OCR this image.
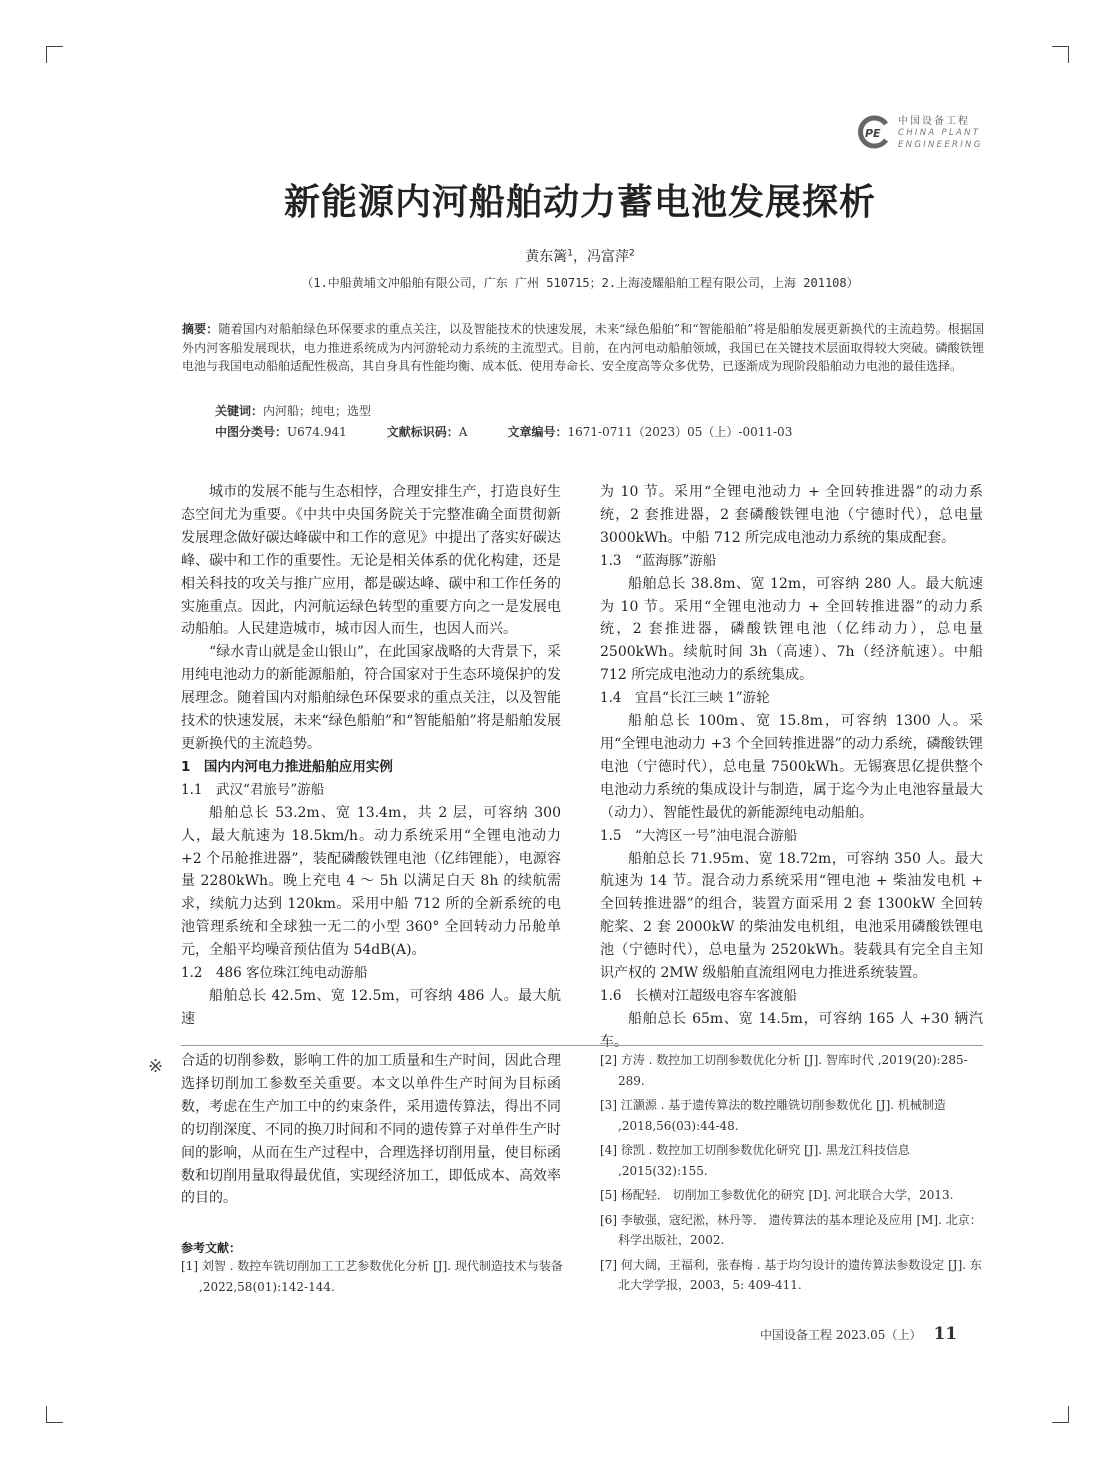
PE
中国设备工程
CHINA PLANT
ENGINEERING
新能源内河船舶动力蓄电池发展探析
黄东篱$^1$，冯富萍$^2$
（1.中船黄埔文冲船舶有限公司，广东 广州 510715；2.上海凌耀船舶工程有限公司，上海 201108）
摘要：随着国内对船舶绿色环保要求的重点关注，以及智能技术的快速发展，未来“绿色船舶”和“智能船舶”将是船舶发展更新换代的主流趋势。根据国外内河客船发展现状，电力推进系统成为内河游轮动力系统的主流型式。目前，在内河电动船舶领域，我国已在关键技术层面取得较大突破。磷酸铁锂电池与我国电动船舶适配性极高，其自身具有性能均衡、成本低、使用寿命长、安全度高等众多优势，已逐渐成为现阶段船舶动力电池的最佳选择。
关键词：内河船；纯电；选型
中图分类号：U674.941	文献标识码：A	文章编号：1671-0711（2023）05（上）-0011-03

城市的发展不能与生态相悖，合理安排生产，打造良好生态空间尤为重要。《中共中央国务院关于完整准确全面贯彻新发展理念做好碳达峰碳中和工作的意见》中提出了落实好碳达峰、碳中和工作的重要性。无论是相关体系的优化构建，还是相关科技的攻关与推广应用，都是碳达峰、碳中和工作任务的实施重点。因此，内河航运绿色转型的重要方向之一是发展电动船舶。人民建造城市，城市因人而生，也因人而兴。

“绿水青山就是金山银山”，在此国家战略的大背景下，采用纯电池动力的新能源船舶，符合国家对于生态环境保护的发展理念。随着国内对船舶绿色环保要求的重点关注，以及智能技术的快速发展，未来“绿色船舶”和“智能船舶”将是船舶发展更新换代的主流趋势。

1　国内内河电力推进船舶应用实例

1.1　武汉“君旅号”游船

船舶总长 53.2m、宽 13.4m，共 2 层，可容纳 300 人，最大航速为 18.5km/h。动力系统采用“全锂电池动力 +2 个吊舱推进器”，装配磷酸铁锂电池（亿纬锂能），电源容量 2280kWh。晚上充电 4 ～ 5h 以满足白天 8h 的续航需求，续航力达到 120km。采用中船 712 所的全新系统的电池管理系统和全球独一无二的小型 360° 全回转动力吊舱单元，全船平均噪音预估值为 54dB(A)。

1.2　486 客位珠江纯电动游船

船舶总长 42.5m、宽 12.5m，可容纳 486 人。最大航速

为 10 节。采用“全锂电池动力 + 全回转推进器”的动力系统，2 套推进器，2 套磷酸铁锂电池（宁德时代），总电量 3000kWh。中船 712 所完成电池动力系统的集成配套。

1.3　“蓝海豚”游船

船舶总长 38.8m、宽 12m，可容纳 280 人。最大航速为 10 节。采用“全锂电池动力 + 全回转推进器”的动力系统，2 套推进器，磷酸铁锂电池（亿纬动力），总电量 2500kWh。续航时间 3h（高速）、7h（经济航速）。中船 712 所完成电池动力的系统集成。

1.4　宜昌“长江三峡 1”游轮

船舶总长 100m、宽 15.8m，可容纳 1300 人。采用“全锂电池动力 +3 个全回转推进器”的动力系统，磷酸铁锂电池（宁德时代），总电量 7500kWh。无锡赛思亿提供整个电池动力系统的集成设计与制造，属于迄今为止电池容量最大（动力）、智能性最优的新能源纯电动船舶。

1.5　“大湾区一号”油电混合游船

船舶总长 71.95m、宽 18.72m，可容纳 350 人。最大航速为 14 节。混合动力系统采用“锂电池 + 柴油发电机 + 全回转推进器”的组合，装置方面采用 2 套 1300kW 全回转舵桨、2 套 2000kW 的柴油发电机组，电池采用磷酸铁锂电池（宁德时代），总电量为 2520kWh。装载具有完全自主知识产权的 2MW 级船舶直流组网电力推进系统装置。

1.6　长横对江超级电容车客渡船

船舶总长 65m、宽 14.5m，可容纳 165 人 +30 辆汽车。

※ 合适的切削参数，影响工件的加工质量和生产时间，因此合理选择切削加工参数至关重要。本文以单件生产时间为目标函数，考虑在生产加工中的约束条件，采用遗传算法，得出不同的切削深度、不同的换刀时间和不同的遗传算子对单件生产时间的影响，从而在生产过程中，合理选择切削用量，使目标函数和切削用量取得最优值，实现经济加工，即低成本、高效率的目的。

参考文献：

[1] 刘智 . 数控车铣切削加工工艺参数优化分析 [J]. 现代制造技术与装备 ,2022,58(01):142-144.

[2] 方涛 . 数控加工切削参数优化分析 [J]. 智库时代 ,2019(20):285-289.

[3] 江灏源 . 基于遗传算法的数控雕铣切削参数优化 [J]. 机械制造 ,2018,56(03):44-48.

[4] 徐凯 . 数控加工切削参数优化研究 [J]. 黑龙江科技信息 ,2015(32):155.

[5] 杨配轻． 切削加工参数优化的研究 [D]. 河北联合大学，2013.

[6] 李敏强，寇纪淞，林丹等． 遗传算法的基本理论及应用 [M]. 北京：科学出版社，2002.

[7] 何大阔，王福利，张春梅 . 基于均匀设计的遗传算法参数设定 [J]. 东北大学学报，2003，5: 409-411.

中国设备工程 2023.05（上） 11
